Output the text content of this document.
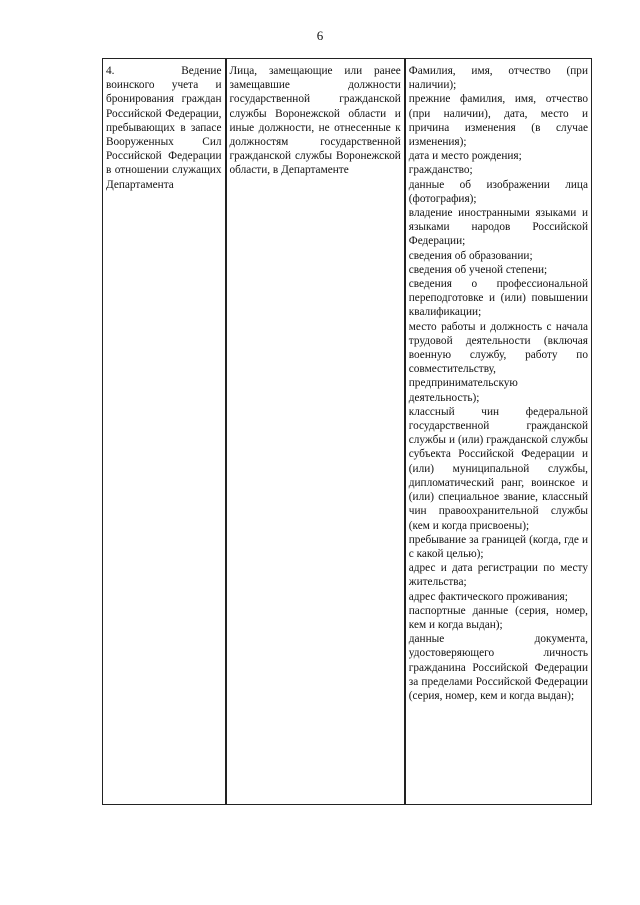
6
4.	Ведение

воинского учета и бронирования граждан Российской Федерации, пребывающих в запасе Вооруженных Сил Российской Федерации в отношении служащих Департамента

Лица, замещающие или ранее замещавшие должности государственной гражданской службы Воронежской области и иные должности, не отнесенные к должностям государственной гражданской службы Воронежской области, в Департаменте

Фамилия, имя, отчество (при наличии);

прежние фамилия, имя, отчество (при наличии), дата, место и причина изменения (в случае изменения);

дата и место рождения;

гражданство;

данные об изображении лица (фотография);

владение иностранными языками и языками народов Российской Федерации;

сведения об образовании;

сведения об ученой степени;

сведения о профессиональной переподготовке и (или) повышении квалификации;

место работы и должность с начала трудовой деятельности (включая военную службу, работу по совместительству, предпринимательскую деятельность);

классный чин федеральной государственной гражданской службы и (или) гражданской службы субъекта Российской Федерации и (или) муниципальной службы, дипломатический ранг, воинское и (или) специальное звание, классный чин правоохранительной службы (кем и когда присвоены);

пребывание за границей (когда, где и с какой целью);

адрес и дата регистрации по месту жительства;

адрес фактического проживания;

паспортные данные (серия, номер, кем и когда выдан);

данные документа, удостоверяющего личность гражданина Российской Федерации за пределами Российской Федерации (серия, номер, кем и когда выдан);
